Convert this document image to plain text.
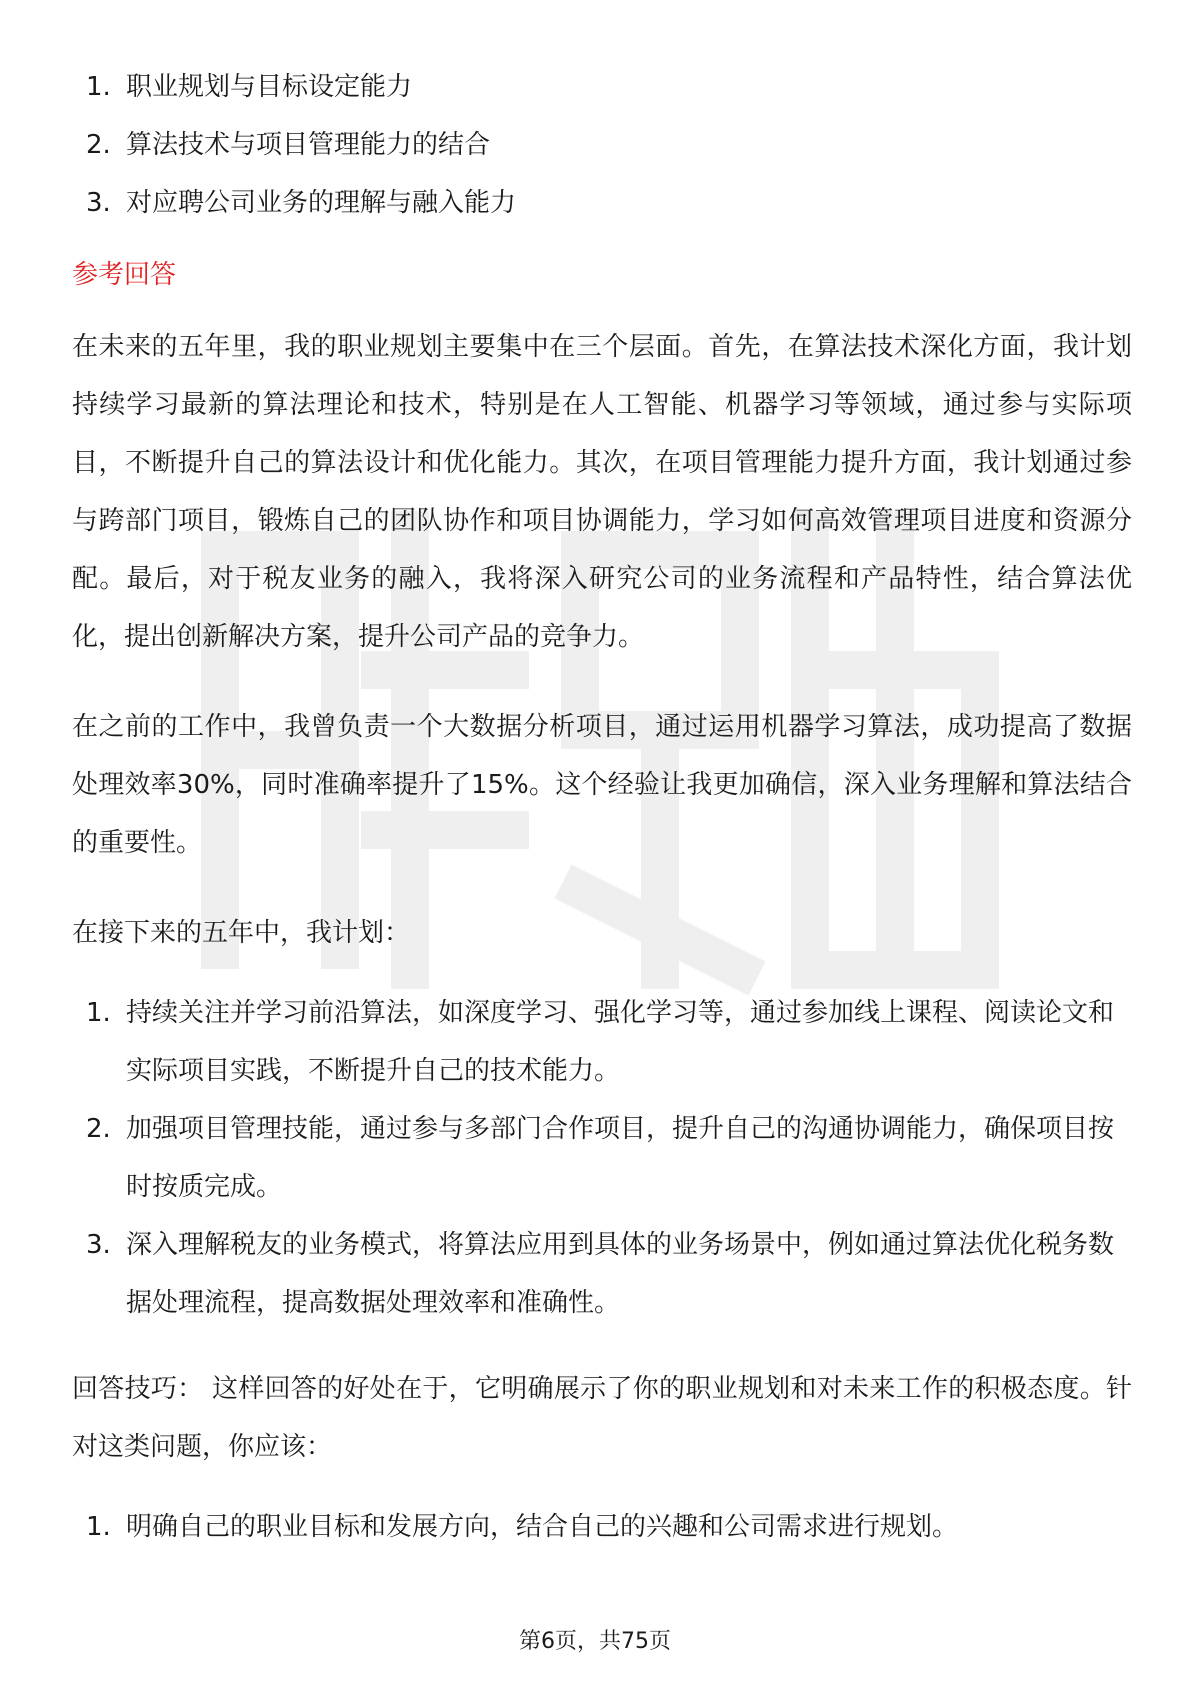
1. 职业规划与目标设定能力
2. 算法技术与项目管理能力的结合
3. 对应聘公司业务的理解与融入能力
参考回答

在未来的五年里，我的职业规划主要集中在三个层面。首先，在算法技术深化方面，我计划持续学习最新的算法理论和技术，特别是在人工智能、机器学习等领域，通过参与实际项目，不断提升自己的算法设计和优化能力。其次，在项目管理能力提升方面，我计划通过参与跨部门项目，锻炼自己的团队协作和项目协调能力，学习如何高效管理项目进度和资源分配。最后，对于税友业务的融入，我将深入研究公司的业务流程和产品特性，结合算法优化，提出创新解决方案，提升公司产品的竞争力。

在之前的工作中，我曾负责一个大数据分析项目，通过运用机器学习算法，成功提高了数据处理效率30%，同时准确率提升了15%。这个经验让我更加确信，深入业务理解和算法结合的重要性。

在接下来的五年中，我计划：

1. 持续关注并学习前沿算法，如深度学习、强化学习等，通过参加线上课程、阅读论文和实际项目实践，不断提升自己的技术能力。
2. 加强项目管理技能，通过参与多部门合作项目，提升自己的沟通协调能力，确保项目按时按质完成。
3. 深入理解税友的业务模式，将算法应用到具体的业务场景中，例如通过算法优化税务数据处理流程，提高数据处理效率和准确性。

回答技巧： 这样回答的好处在于，它明确展示了你的职业规划和对未来工作的积极态度。针对这类问题，你应该：

1. 明确自己的职业目标和发展方向，结合自己的兴趣和公司需求进行规划。
第6页，共75页
